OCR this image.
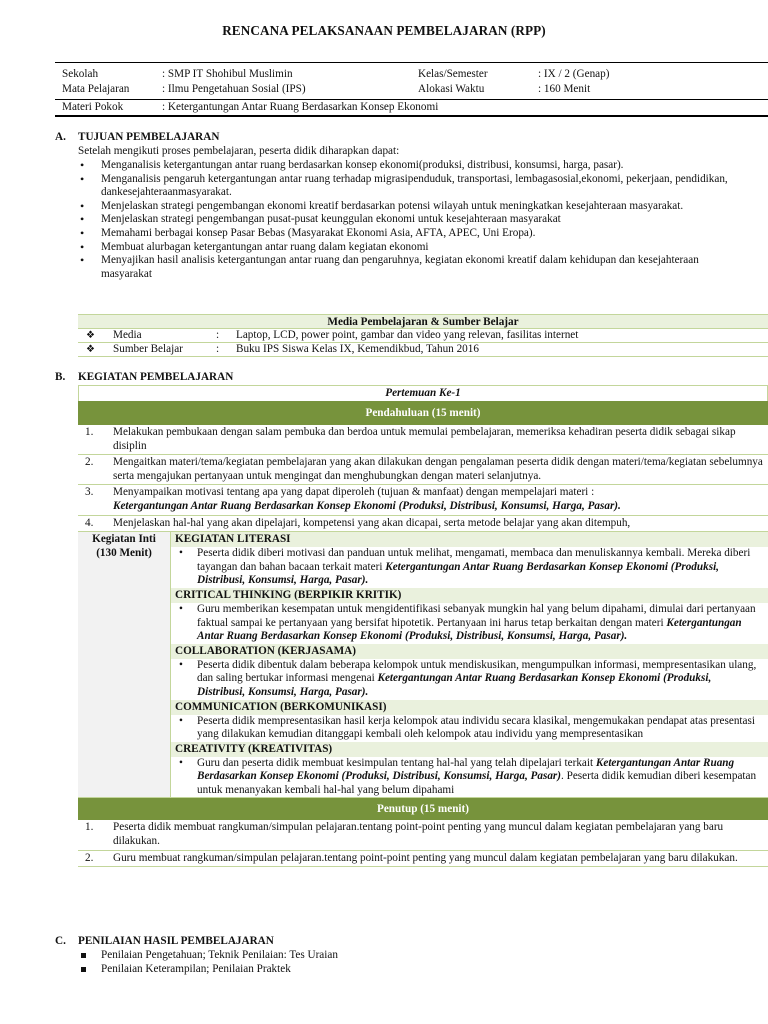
RENCANA PELAKSANAAN PEMBELAJARAN (RPP)
Sekolah	: SMP IT Shohibul Muslimin	Kelas/Semester	: IX / 2 (Genap)
Mata Pelajaran	: Ilmu Pengetahuan Sosial (IPS)	Alokasi Waktu	: 160 Menit
Materi Pokok	: Ketergantungan Antar Ruang Berdasarkan Konsep Ekonomi
A. TUJUAN PEMBELAJARAN
Setelah mengikuti proses pembelajaran, peserta didik diharapkan dapat:
• Menganalisis ketergantungan antar ruang berdasarkan konsep ekonomi(produksi, distribusi, konsumsi, harga, pasar).
• Menganalisis pengaruh ketergantungan antar ruang terhadap migrasipenduduk, transportasi, lembagasosial,ekonomi, pekerjaan, pendidikan, dankesejahteraanmasyarakat.
• Menjelaskan strategi pengembangan ekonomi kreatif berdasarkan potensi wilayah untuk meningkatkan kesejahteraan masyarakat.
• Menjelaskan strategi pengembangan pusat-pusat keunggulan ekonomi untuk kesejahteraan masyarakat
• Memahami berbagai konsep Pasar Bebas (Masyarakat Ekonomi Asia, AFTA, APEC, Uni Eropa).
• Membuat alurbagan ketergantungan antar ruang dalam kegiatan ekonomi
• Menyajikan hasil analisis ketergantungan antar ruang dan pengaruhnya, kegiatan ekonomi kreatif dalam kehidupan dan kesejahteraan masyarakat
Media Pembelajaran & Sumber Belajar
❖ Media	: Laptop, LCD, power point, gambar dan video yang relevan, fasilitas internet
❖ Sumber Belajar	: Buku IPS Siswa Kelas IX, Kemendikbud, Tahun 2016
B. KEGIATAN PEMBELAJARAN
Pertemuan Ke-1
Pendahuluan (15 menit)
1. Melakukan pembukaan dengan salam pembuka dan berdoa untuk memulai pembelajaran, memeriksa kehadiran peserta didik sebagai sikap disiplin
2. Mengaitkan materi/tema/kegiatan pembelajaran yang akan dilakukan dengan pengalaman peserta didik dengan materi/tema/kegiatan sebelumnya serta mengajukan pertanyaan untuk mengingat dan menghubungkan dengan materi selanjutnya.
3. Menyampaikan motivasi tentang apa yang dapat diperoleh (tujuan & manfaat) dengan mempelajari materi :
Ketergantungan Antar Ruang Berdasarkan Konsep Ekonomi (Produksi, Distribusi, Konsumsi, Harga, Pasar).
4. Menjelaskan hal-hal yang akan dipelajari, kompetensi yang akan dicapai, serta metode belajar yang akan ditempuh,
Kegiatan Inti
(130 Menit)
KEGIATAN LITERASI
• Peserta didik diberi motivasi dan panduan untuk melihat, mengamati, membaca dan menuliskannya kembali. Mereka diberi tayangan dan bahan bacaan terkait materi Ketergantungan Antar Ruang Berdasarkan Konsep Ekonomi (Produksi, Distribusi, Konsumsi, Harga, Pasar).
CRITICAL THINKING (BERPIKIR KRITIK)
• Guru memberikan kesempatan untuk mengidentifikasi sebanyak mungkin hal yang belum dipahami, dimulai dari pertanyaan faktual sampai ke pertanyaan yang bersifat hipotetik. Pertanyaan ini harus tetap berkaitan dengan materi Ketergantungan Antar Ruang Berdasarkan Konsep Ekonomi (Produksi, Distribusi, Konsumsi, Harga, Pasar).
COLLABORATION (KERJASAMA)
• Peserta didik dibentuk dalam beberapa kelompok untuk mendiskusikan, mengumpulkan informasi, mempresentasikan ulang, dan saling bertukar informasi mengenai Ketergantungan Antar Ruang Berdasarkan Konsep Ekonomi (Produksi, Distribusi, Konsumsi, Harga, Pasar).
COMMUNICATION (BERKOMUNIKASI)
• Peserta didik mempresentasikan hasil kerja kelompok atau individu secara klasikal, mengemukakan pendapat atas presentasi yang dilakukan kemudian ditanggapi kembali oleh kelompok atau individu yang mempresentasikan
CREATIVITY (KREATIVITAS)
• Guru dan peserta didik membuat kesimpulan tentang hal-hal yang telah dipelajari terkait Ketergantungan Antar Ruang Berdasarkan Konsep Ekonomi (Produksi, Distribusi, Konsumsi, Harga, Pasar). Peserta didik kemudian diberi kesempatan untuk menanyakan kembali hal-hal yang belum dipahami
Penutup (15 menit)
1. Peserta didik membuat rangkuman/simpulan pelajaran.tentang point-point penting yang muncul dalam kegiatan pembelajaran yang baru dilakukan.
2. Guru membuat rangkuman/simpulan pelajaran.tentang point-point penting yang muncul dalam kegiatan pembelajaran yang baru dilakukan.
C. PENILAIAN HASIL PEMBELAJARAN
Penilaian Pengetahuan; Teknik Penilaian: Tes Uraian
Penilaian Keterampilan; Penilaian Praktek
